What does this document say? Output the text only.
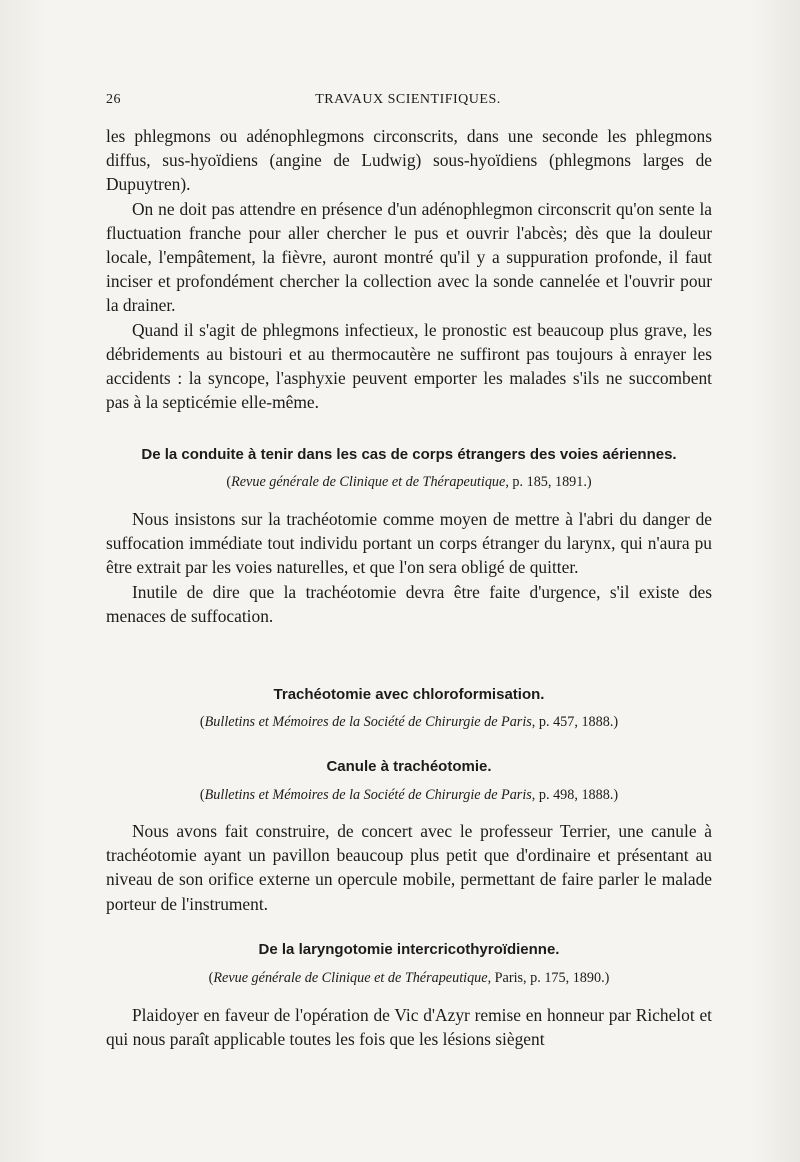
26	TRAVAUX SCIENTIFIQUES.

les phlegmons ou adénophlegmons circonscrits, dans une seconde les phlegmons diffus, sus-hyoïdiens (angine de Ludwig) sous-hyoïdiens (phlegmons larges de Dupuytren).

On ne doit pas attendre en présence d'un adénophlegmon circonscrit qu'on sente la fluctuation franche pour aller chercher le pus et ouvrir l'abcès; dès que la douleur locale, l'empâtement, la fièvre, auront montré qu'il y a suppuration profonde, il faut inciser et profondément chercher la collection avec la sonde cannelée et l'ouvrir pour la drainer.

Quand il s'agit de phlegmons infectieux, le pronostic est beaucoup plus grave, les débridements au bistouri et au thermocautère ne suffiront pas toujours à enrayer les accidents : la syncope, l'asphyxie peuvent emporter les malades s'ils ne succombent pas à la septicémie elle-même.

De la conduite à tenir dans les cas de corps étrangers des voies aériennes.
(Revue générale de Clinique et de Thérapeutique, p. 185, 1891.)

Nous insistons sur la trachéotomie comme moyen de mettre à l'abri du danger de suffocation immédiate tout individu portant un corps étranger du larynx, qui n'aura pu être extrait par les voies naturelles, et que l'on sera obligé de quitter.

Inutile de dire que la trachéotomie devra être faite d'urgence, s'il existe des menaces de suffocation.

Trachéotomie avec chloroformisation.
(Bulletins et Mémoires de la Société de Chirurgie de Paris, p. 457, 1888.)
Canule à trachéotomie.
(Bulletins et Mémoires de la Société de Chirurgie de Paris, p. 498, 1888.)

Nous avons fait construire, de concert avec le professeur Terrier, une canule à trachéotomie ayant un pavillon beaucoup plus petit que d'ordinaire et présentant au niveau de son orifice externe un opercule mobile, permettant de faire parler le malade porteur de l'instrument.

De la laryngotomie intercricothyroïdienne.
(Revue générale de Clinique et de Thérapeutique, Paris, p. 175, 1890.)

Plaidoyer en faveur de l'opération de Vic d'Azyr remise en honneur par Richelot et qui nous paraît applicable toutes les fois que les lésions siègent
